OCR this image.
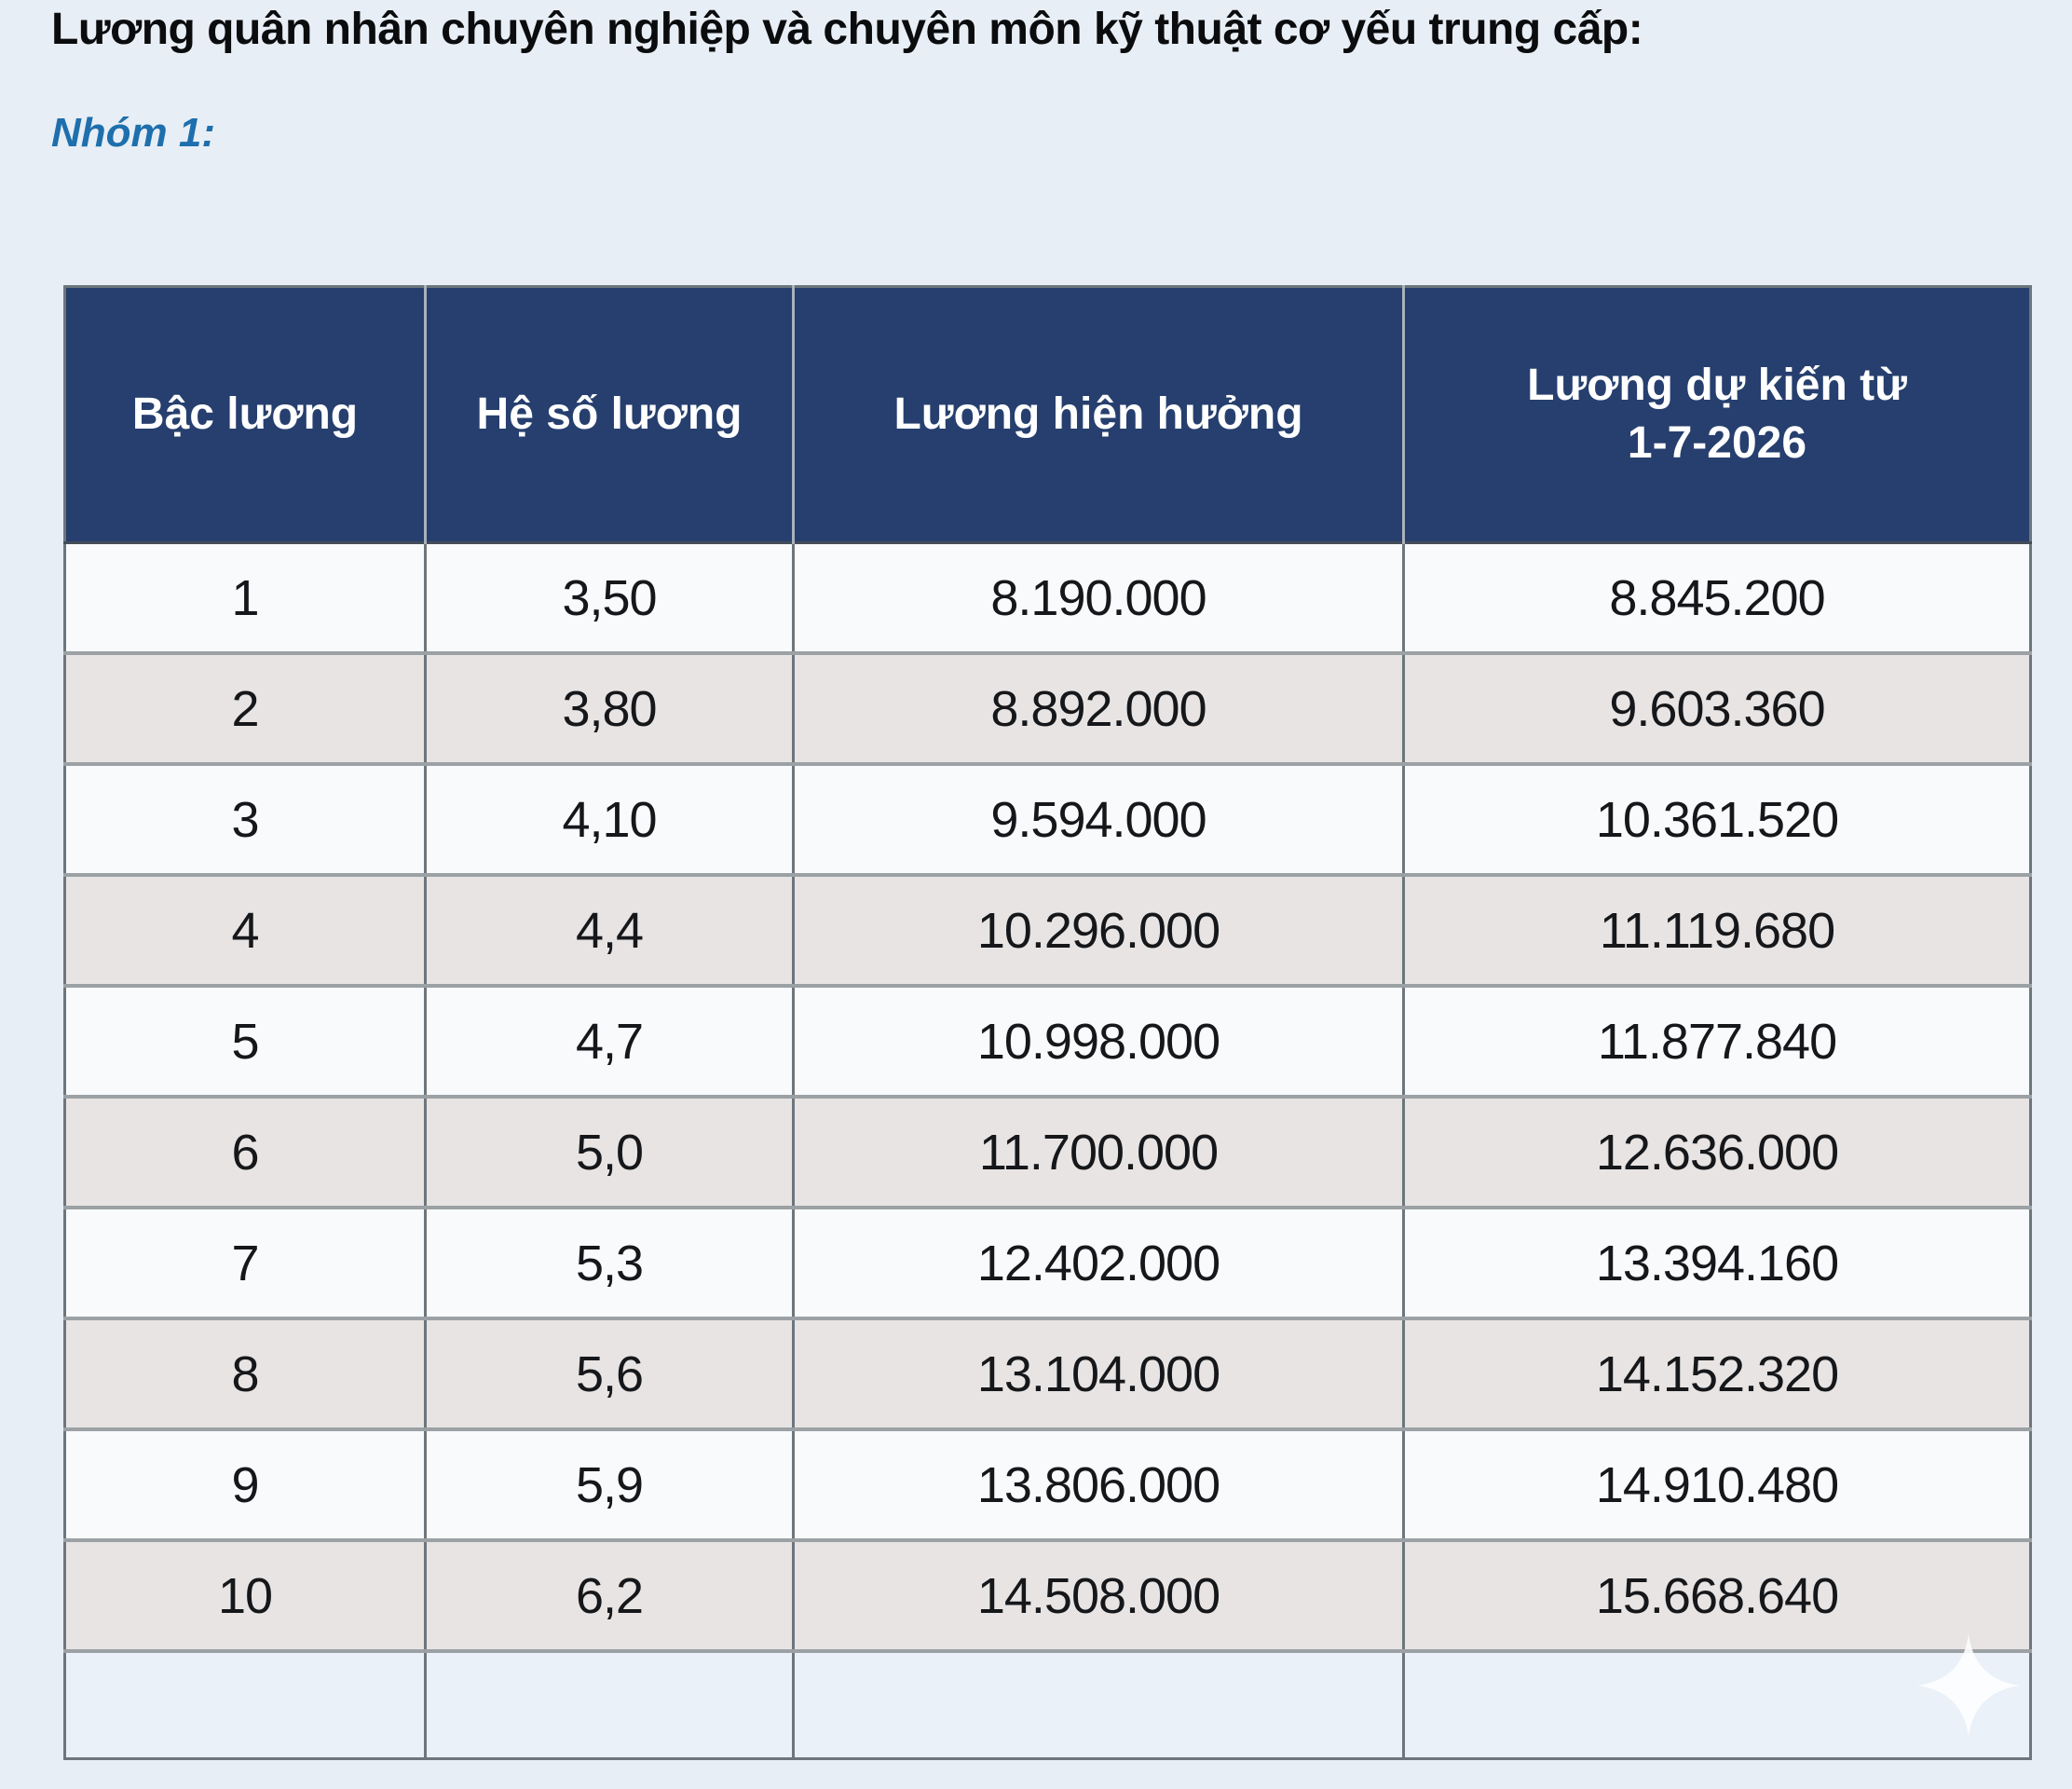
Lương quân nhân chuyên nghiệp và chuyên môn kỹ thuật cơ yếu trung cấp:
Nhóm 1:
Bậc lương	Hệ số lương	Lương hiện hưởng	Lương dự kiến từ
1-7-2026
1	3,50	8.190.000	8.845.200
2	3,80	8.892.000	9.603.360
3	4,10	9.594.000	10.361.520
4	4,4	10.296.000	11.119.680
5	4,7	10.998.000	11.877.840
6	5,0	11.700.000	12.636.000
7	5,3	12.402.000	13.394.160
8	5,6	13.104.000	14.152.320
9	5,9	13.806.000	14.910.480
10	6,2	14.508.000	15.668.640
